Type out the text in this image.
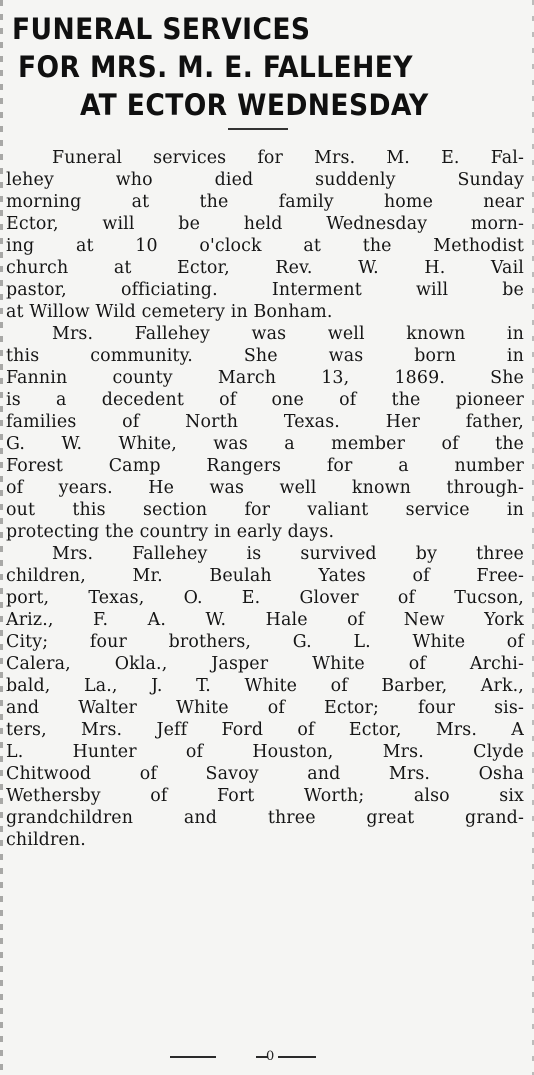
FUNERAL SERVICES
FOR MRS. M. E. FALLEHEY
AT ECTOR WEDNESDAY
Funeral services for Mrs. M. E. Fal-
lehey who died suddenly Sunday
morning at the family home near
Ector, will be held Wednesday morn-
ing at 10 o'clock at the Methodist
church at Ector, Rev. W. H. Vail
pastor, officiating. Interment will be
at Willow Wild cemetery in Bonham.
Mrs. Fallehey was well known in
this community. She was born in
Fannin county March 13, 1869. She
is a decedent of one of the pioneer
families of North Texas. Her father,
G. W. White, was a member of the
Forest Camp Rangers for a number
of years. He was well known through-
out this section for valiant service in
protecting the country in early days.
Mrs. Fallehey is survived by three
children, Mr. Beulah Yates of Free-
port, Texas, O. E. Glover of Tucson,
Ariz., F. A. W. Hale of New York
City; four brothers, G. L. White of
Calera, Okla., Jasper White of Archi-
bald, La., J. T. White of Barber, Ark.,
and Walter White of Ector; four sis-
ters, Mrs. Jeff Ford of Ector, Mrs. A
L. Hunter of Houston, Mrs. Clyde
Chitwood of Savoy and Mrs. Osha
Wethersby of Fort Worth; also six
grandchildren and three great grand-
children.
0
